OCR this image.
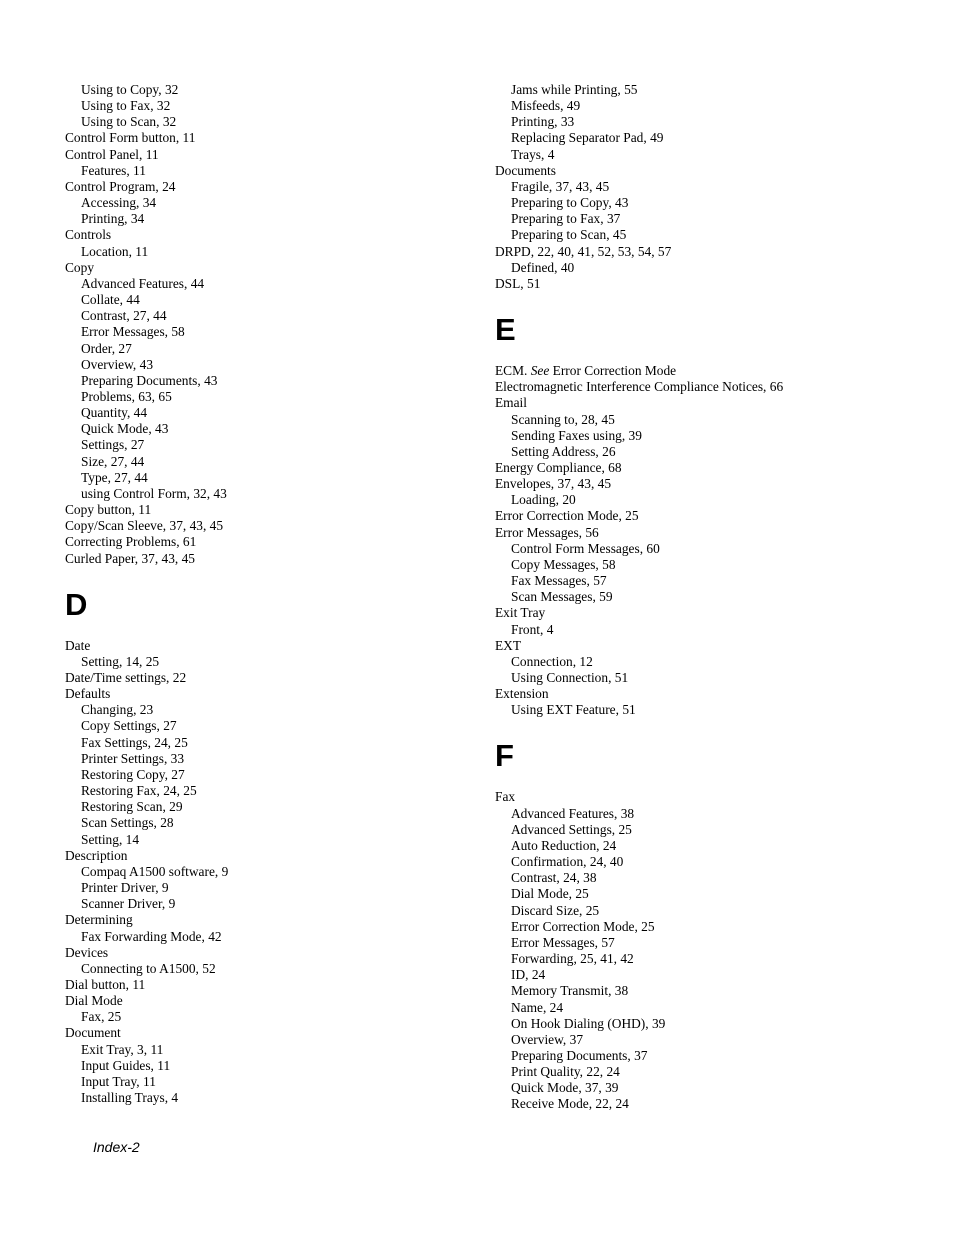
Using to Copy, 32
Using to Fax, 32
Using to Scan, 32
Control Form button, 11
Control Panel, 11
Features, 11
Control Program, 24
Accessing, 34
Printing, 34
Controls
Location, 11
Copy
Advanced Features, 44
Collate, 44
Contrast, 27, 44
Error Messages, 58
Order, 27
Overview, 43
Preparing Documents, 43
Problems, 63, 65
Quantity, 44
Quick Mode, 43
Settings, 27
Size, 27, 44
Type, 27, 44
using Control Form, 32, 43
Copy button, 11
Copy/Scan Sleeve, 37, 43, 45
Correcting Problems, 61
Curled Paper, 37, 43, 45
D
Date
Setting, 14, 25
Date/Time settings, 22
Defaults
Changing, 23
Copy Settings, 27
Fax Settings, 24, 25
Printer Settings, 33
Restoring Copy, 27
Restoring Fax, 24, 25
Restoring Scan, 29
Scan Settings, 28
Setting, 14
Description
Compaq A1500 software, 9
Printer Driver, 9
Scanner Driver, 9
Determining
Fax Forwarding Mode, 42
Devices
Connecting to A1500, 52
Dial button, 11
Dial Mode
Fax, 25
Document
Exit Tray, 3, 11
Input Guides, 11
Input Tray, 11
Installing Trays, 4
Jams while Printing, 55
Misfeeds, 49
Printing, 33
Replacing Separator Pad, 49
Trays, 4
Documents
Fragile, 37, 43, 45
Preparing to Copy, 43
Preparing to Fax, 37
Preparing to Scan, 45
DRPD, 22, 40, 41, 52, 53, 54, 57
Defined, 40
DSL, 51
E
ECM. See Error Correction Mode
Electromagnetic Interference Compliance Notices, 66
Email
Scanning to, 28, 45
Sending Faxes using, 39
Setting Address, 26
Energy Compliance, 68
Envelopes, 37, 43, 45
Loading, 20
Error Correction Mode, 25
Error Messages, 56
Control Form Messages, 60
Copy Messages, 58
Fax Messages, 57
Scan Messages, 59
Exit Tray
Front, 4
EXT
Connection, 12
Using Connection, 51
Extension
Using EXT Feature, 51
F
Fax
Advanced Features, 38
Advanced Settings, 25
Auto Reduction, 24
Confirmation, 24, 40
Contrast, 24, 38
Dial Mode, 25
Discard Size, 25
Error Correction Mode, 25
Error Messages, 57
Forwarding, 25, 41, 42
ID, 24
Memory Transmit, 38
Name, 24
On Hook Dialing (OHD), 39
Overview, 37
Preparing Documents, 37
Print Quality, 22, 24
Quick Mode, 37, 39
Receive Mode, 22, 24
Index-2
